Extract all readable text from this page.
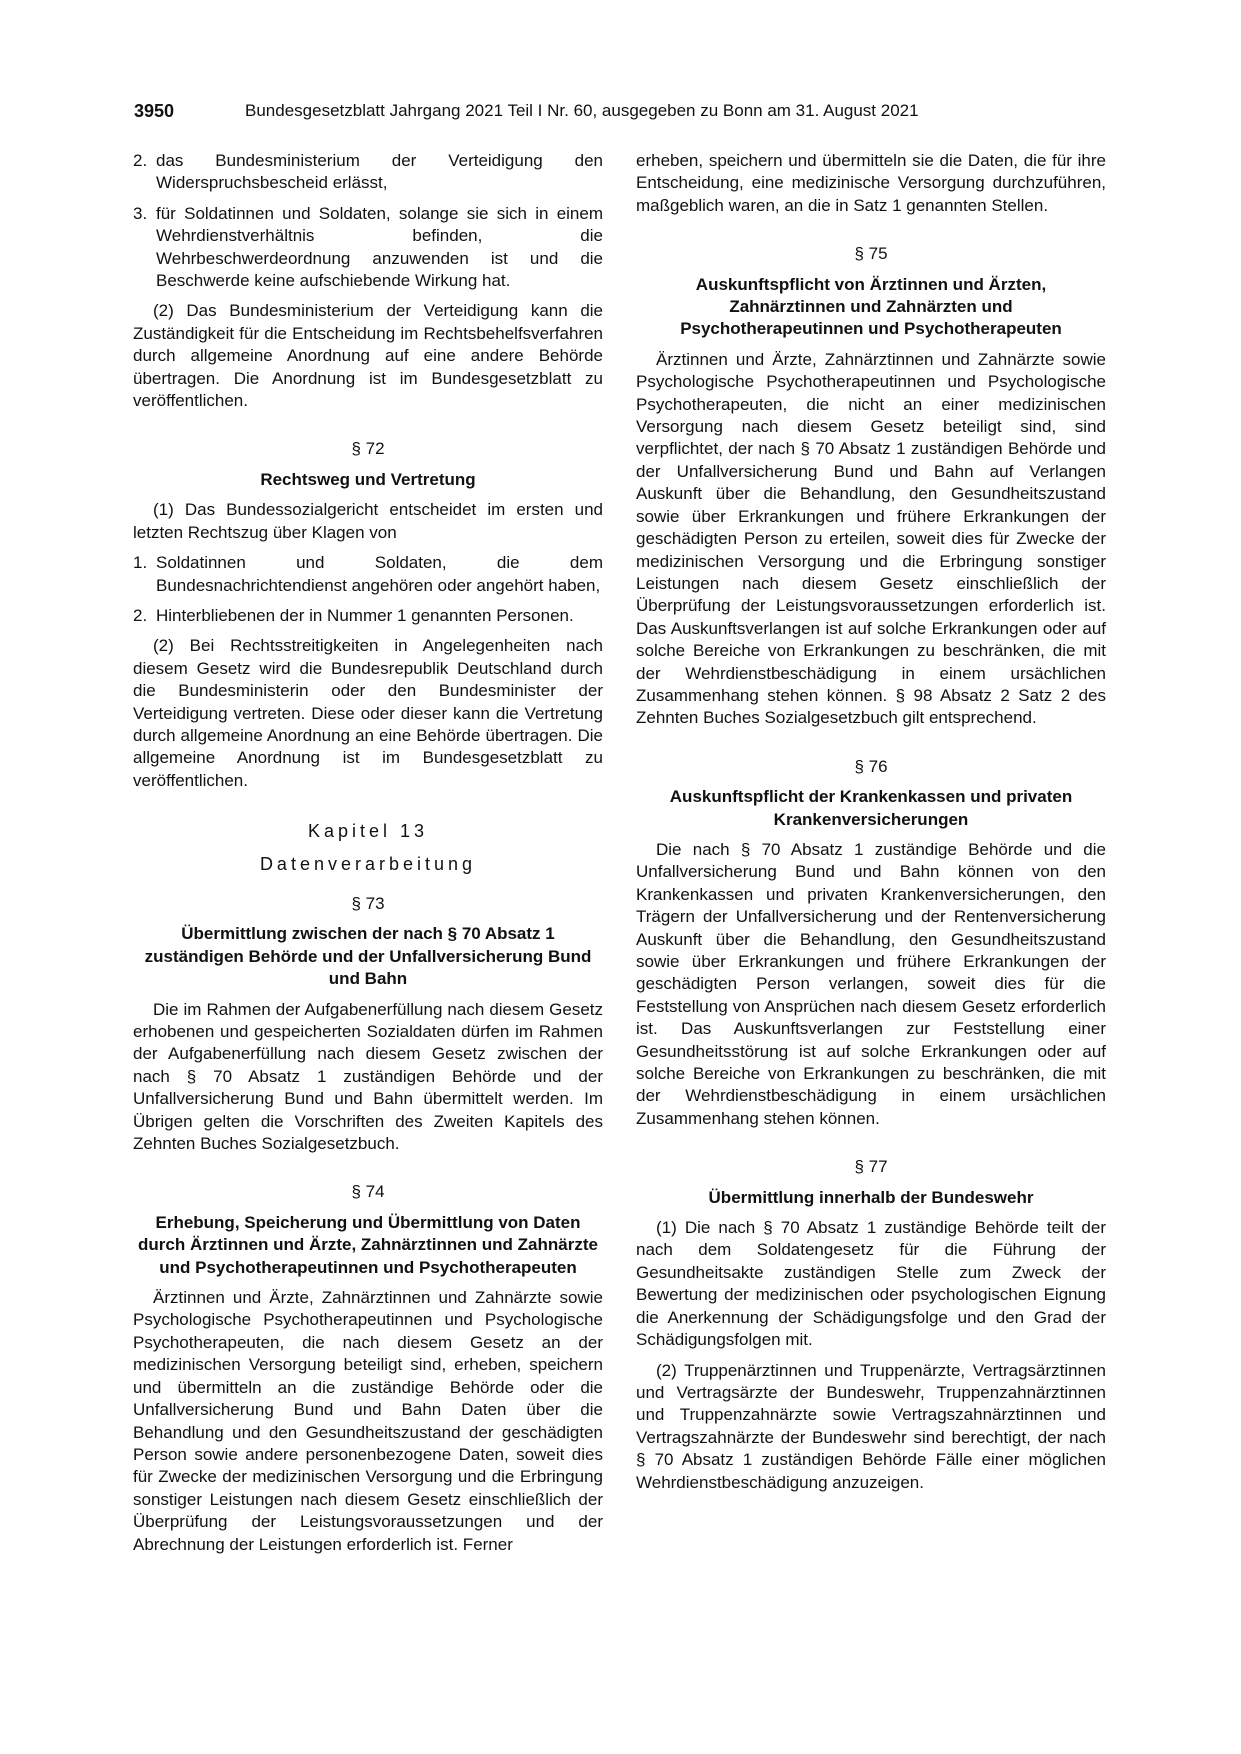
3950	Bundesgesetzblatt Jahrgang 2021 Teil I Nr. 60, ausgegeben zu Bonn am 31. August 2021
2. das Bundesministerium der Verteidigung den Widerspruchsbescheid erlässt,
3. für Soldatinnen und Soldaten, solange sie sich in einem Wehrdienstverhältnis befinden, die Wehrbeschwerdeordnung anzuwenden ist und die Beschwerde keine aufschiebende Wirkung hat.

(2) Das Bundesministerium der Verteidigung kann die Zuständigkeit für die Entscheidung im Rechtsbehelfsverfahren durch allgemeine Anordnung auf eine andere Behörde übertragen. Die Anordnung ist im Bundesgesetzblatt zu veröffentlichen.

§ 72
Rechtsweg und Vertretung

(1) Das Bundessozialgericht entscheidet im ersten und letzten Rechtszug über Klagen von

1. Soldatinnen und Soldaten, die dem Bundesnachrichtendienst angehören oder angehört haben,
2. Hinterbliebenen der in Nummer 1 genannten Personen.

(2) Bei Rechtsstreitigkeiten in Angelegenheiten nach diesem Gesetz wird die Bundesrepublik Deutschland durch die Bundesministerin oder den Bundesminister der Verteidigung vertreten. Diese oder dieser kann die Vertretung durch allgemeine Anordnung an eine Behörde übertragen. Die allgemeine Anordnung ist im Bundesgesetzblatt zu veröffentlichen.

Kapitel 13
Datenverarbeitung
§ 73
Übermittlung zwischen der nach § 70 Absatz 1 zuständigen Behörde und der Unfallversicherung Bund und Bahn

Die im Rahmen der Aufgabenerfüllung nach diesem Gesetz erhobenen und gespeicherten Sozialdaten dürfen im Rahmen der Aufgabenerfüllung nach diesem Gesetz zwischen der nach § 70 Absatz 1 zuständigen Behörde und der Unfallversicherung Bund und Bahn übermittelt werden. Im Übrigen gelten die Vorschriften des Zweiten Kapitels des Zehnten Buches Sozialgesetzbuch.

§ 74
Erhebung, Speicherung und Übermittlung von Daten durch Ärztinnen und Ärzte, Zahnärztinnen und Zahnärzte und Psychotherapeutinnen und Psychotherapeuten

Ärztinnen und Ärzte, Zahnärztinnen und Zahnärzte sowie Psychologische Psychotherapeutinnen und Psychologische Psychotherapeuten, die nach diesem Gesetz an der medizinischen Versorgung beteiligt sind, erheben, speichern und übermitteln an die zuständige Behörde oder die Unfallversicherung Bund und Bahn Daten über die Behandlung und den Gesundheitszustand der geschädigten Person sowie andere personenbezogene Daten, soweit dies für Zwecke der medizinischen Versorgung und die Erbringung sonstiger Leistungen nach diesem Gesetz einschließlich der Überprüfung der Leistungsvoraussetzungen und der Abrechnung der Leistungen erforderlich ist. Ferner

erheben, speichern und übermitteln sie die Daten, die für ihre Entscheidung, eine medizinische Versorgung durchzuführen, maßgeblich waren, an die in Satz 1 genannten Stellen.

§ 75
Auskunftspflicht von Ärztinnen und Ärzten, Zahnärztinnen und Zahnärzten und Psychotherapeutinnen und Psychotherapeuten

Ärztinnen und Ärzte, Zahnärztinnen und Zahnärzte sowie Psychologische Psychotherapeutinnen und Psychologische Psychotherapeuten, die nicht an einer medizinischen Versorgung nach diesem Gesetz beteiligt sind, sind verpflichtet, der nach § 70 Absatz 1 zuständigen Behörde und der Unfallversicherung Bund und Bahn auf Verlangen Auskunft über die Behandlung, den Gesundheitszustand sowie über Erkrankungen und frühere Erkrankungen der geschädigten Person zu erteilen, soweit dies für Zwecke der medizinischen Versorgung und die Erbringung sonstiger Leistungen nach diesem Gesetz einschließlich der Überprüfung der Leistungsvoraussetzungen erforderlich ist. Das Auskunftsverlangen ist auf solche Erkrankungen oder auf solche Bereiche von Erkrankungen zu beschränken, die mit der Wehrdienstbeschädigung in einem ursächlichen Zusammenhang stehen können. § 98 Absatz 2 Satz 2 des Zehnten Buches Sozialgesetzbuch gilt entsprechend.

§ 76
Auskunftspflicht der Krankenkassen und privaten Krankenversicherungen

Die nach § 70 Absatz 1 zuständige Behörde und die Unfallversicherung Bund und Bahn können von den Krankenkassen und privaten Krankenversicherungen, den Trägern der Unfallversicherung und der Rentenversicherung Auskunft über die Behandlung, den Gesundheitszustand sowie über Erkrankungen und frühere Erkrankungen der geschädigten Person verlangen, soweit dies für die Feststellung von Ansprüchen nach diesem Gesetz erforderlich ist. Das Auskunftsverlangen zur Feststellung einer Gesundheitsstörung ist auf solche Erkrankungen oder auf solche Bereiche von Erkrankungen zu beschränken, die mit der Wehrdienstbeschädigung in einem ursächlichen Zusammenhang stehen können.

§ 77
Übermittlung innerhalb der Bundeswehr

(1) Die nach § 70 Absatz 1 zuständige Behörde teilt der nach dem Soldatengesetz für die Führung der Gesundheitsakte zuständigen Stelle zum Zweck der Bewertung der medizinischen oder psychologischen Eignung die Anerkennung der Schädigungsfolge und den Grad der Schädigungsfolgen mit.

(2) Truppenärztinnen und Truppenärzte, Vertragsärztinnen und Vertragsärzte der Bundeswehr, Truppenzahnärztinnen und Truppenzahnärzte sowie Vertragszahnärztinnen und Vertragszahnärzte der Bundeswehr sind berechtigt, der nach § 70 Absatz 1 zuständigen Behörde Fälle einer möglichen Wehrdienstbeschädigung anzuzeigen.
